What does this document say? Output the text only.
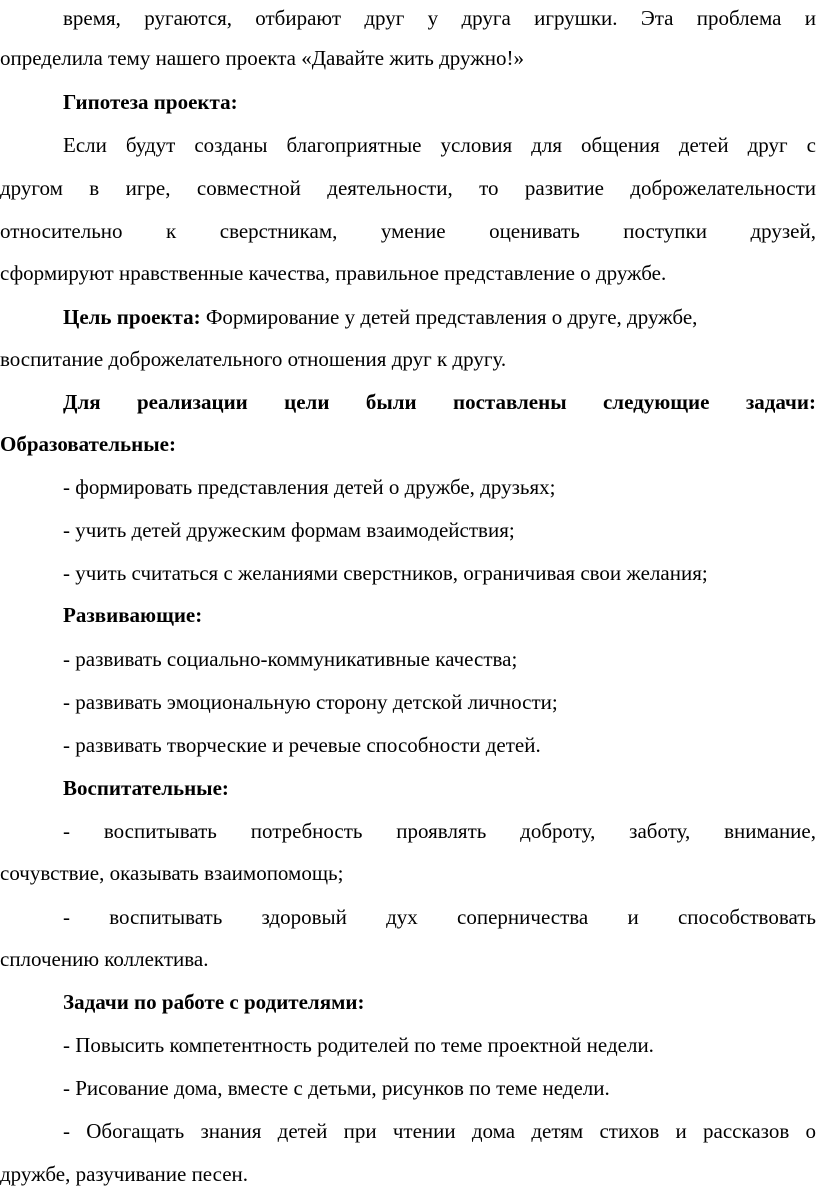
время, ругаются, отбирают друг у друга игрушки. Эта проблема и
определила тему нашего проекта «Давайте жить дружно!»
Гипотеза проекта:
Если будут созданы благоприятные условия для общения детей друг с
другом в игре, совместной деятельности, то развитие доброжелательности
относительно к сверстникам, умение оценивать поступки друзей,
сформируют нравственные качества, правильное представление о дружбе.
Цель проекта: Формирование у детей представления о друге, дружбе,
воспитание доброжелательного отношения друг к другу.
Для реализации цели были поставлены следующие задачи:
Образовательные:
- формировать представления детей о дружбе, друзьях;
- учить детей дружеским формам взаимодействия;
- учить считаться с желаниями сверстников, ограничивая свои желания;
Развивающие:
- развивать социально-коммуникативные качества;
- развивать эмоциональную сторону детской личности;
- развивать творческие и речевые способности детей.
Воспитательные:
- воспитывать потребность проявлять доброту, заботу, внимание,
сочувствие, оказывать взаимопомощь;
- воспитывать здоровый дух соперничества и способствовать
сплочению коллектива.
Задачи по работе с родителями:
- Повысить компетентность родителей по теме проектной недели.
- Рисование дома, вместе с детьми, рисунков по теме недели.
- Обогащать знания детей при чтении дома детям стихов и рассказов о
дружбе, разучивание песен.
